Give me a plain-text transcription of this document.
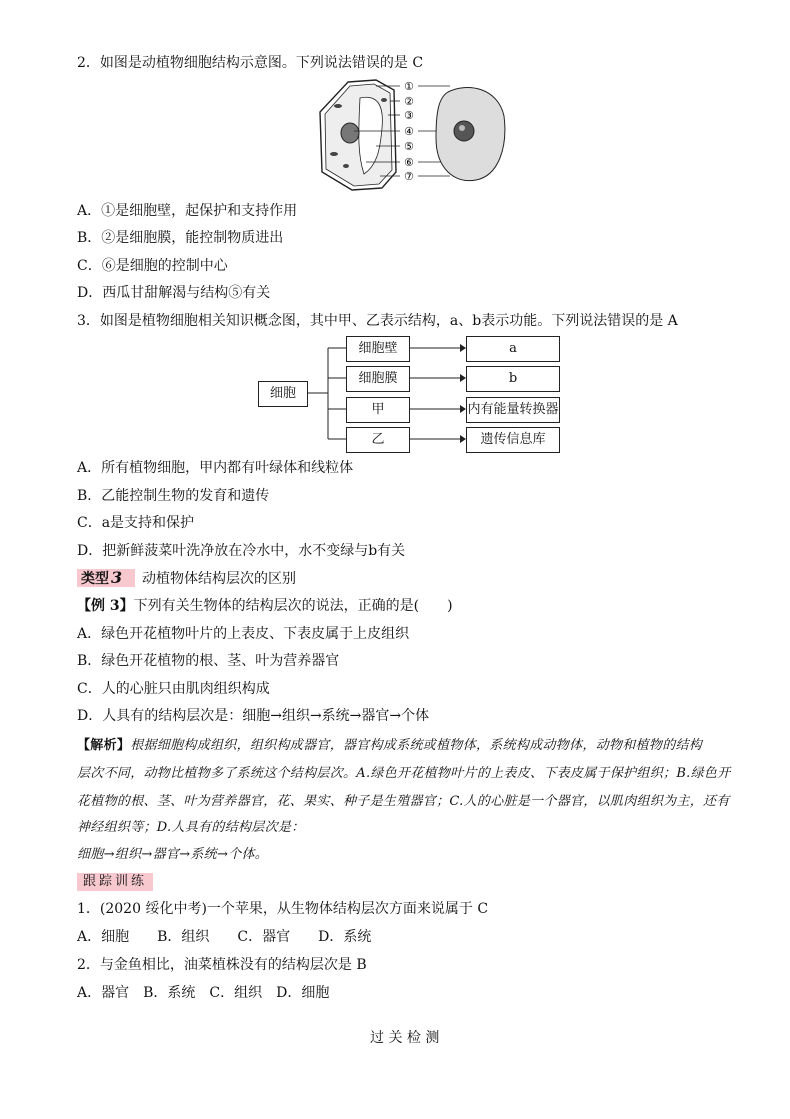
2．如图是动植物细胞结构示意图。下列说法错误的是 C
①
②
③
④
⑤
⑥
⑦
A．①是细胞壁，起保护和支持作用
B．②是细胞膜，能控制物质进出
C．⑥是细胞的控制中心
D．西瓜甘甜解渴与结构⑤有关
3．如图是植物细胞相关知识概念图，其中甲、乙表示结构，a、b表示功能。下列说法错误的是 A
细胞
细胞壁
细胞膜
甲
乙
a
b
内有能量转换器
遗传信息库
A．所有植物细胞，甲内都有叶绿体和线粒体
B．乙能控制生物的发育和遗传
C．a是支持和保护
D．把新鲜菠菜叶洗净放在冷水中，水不变绿与b有关
类型 3	动植物体结构层次的区别
【例 3】下列有关生物体的结构层次的说法，正确的是(　　)
A．绿色开花植物叶片的上表皮、下表皮属于上皮组织
B．绿色开花植物的根、茎、叶为营养器官
C．人的心脏只由肌肉组织构成
D．人具有的结构层次是：细胞→组织→系统→器官→个体
【解析】根据细胞构成组织，组织构成器官，器官构成系统或植物体，系统构成动物体，动物和植物的结构
层次不同，动物比植物多了系统这个结构层次。A.绿色开花植物叶片的上表皮、下表皮属于保护组织；B.绿色开
花植物的根、茎、叶为营养器官，花、果实、种子是生殖器官；C.人的心脏是一个器官，以肌肉组织为主，还有
神经组织等；D.人具有的结构层次是：
细胞→组织→器官→系统→个体。
跟踪训练
1．(2020 绥化中考)一个苹果，从生物体结构层次方面来说属于 C
A．细胞　　B．组织　　C．器官　　D．系统
2．与金鱼相比，油菜植株没有的结构层次是 B
A．器官　B．系统　C．组织　D．细胞
过 关 检 测
